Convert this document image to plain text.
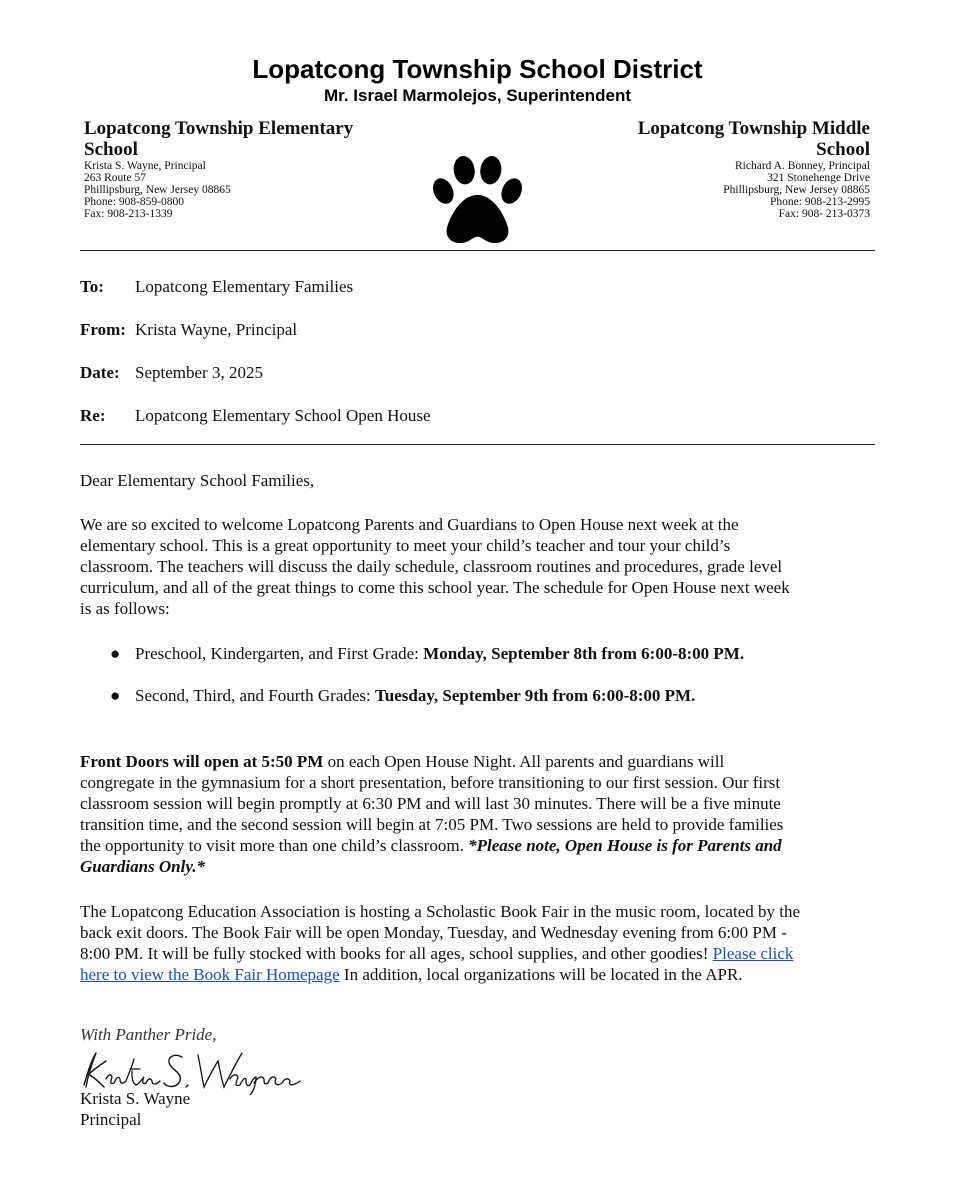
Lopatcong Township School District
Mr. Israel Marmolejos, Superintendent
Lopatcong Township Elementary
School
Krista S. Wayne, Principal
263 Route 57
Phillipsburg, New Jersey 08865
Phone: 908-859-0800
Fax: 908-213-1339
Lopatcong Township Middle
School
Richard A. Bonney, Principal
321 Stonehenge Drive
Phillipsburg, New Jersey 08865
Phone: 908-213-2995
Fax: 908- 213-0373
To: Lopatcong Elementary Families
From: Krista Wayne, Principal
Date: September 3, 2025
Re: Lopatcong Elementary School Open House
Dear Elementary School Families,
We are so excited to welcome Lopatcong Parents and Guardians to Open House next week at the
elementary school. This is a great opportunity to meet your child’s teacher and tour your child’s
classroom. The teachers will discuss the daily schedule, classroom routines and procedures, grade level
curriculum, and all of the great things to come this school year. The schedule for Open House next week
is as follows:
● Preschool, Kindergarten, and First Grade: Monday, September 8th from 6:00-8:00 PM.
● Second, Third, and Fourth Grades: Tuesday, September 9th from 6:00-8:00 PM.
Front Doors will open at 5:50 PM on each Open House Night. All parents and guardians will
congregate in the gymnasium for a short presentation, before transitioning to our first session. Our first
classroom session will begin promptly at 6:30 PM and will last 30 minutes. There will be a five minute
transition time, and the second session will begin at 7:05 PM. Two sessions are held to provide families
the opportunity to visit more than one child’s classroom. *Please note, Open House is for Parents and
Guardians Only.*
The Lopatcong Education Association is hosting a Scholastic Book Fair in the music room, located by the
back exit doors. The Book Fair will be open Monday, Tuesday, and Wednesday evening from 6:00 PM -
8:00 PM. It will be fully stocked with books for all ages, school supplies, and other goodies! Please click
here to view the Book Fair Homepage In addition, local organizations will be located in the APR.
With Panther Pride,
Krista S. Wayne
Principal
